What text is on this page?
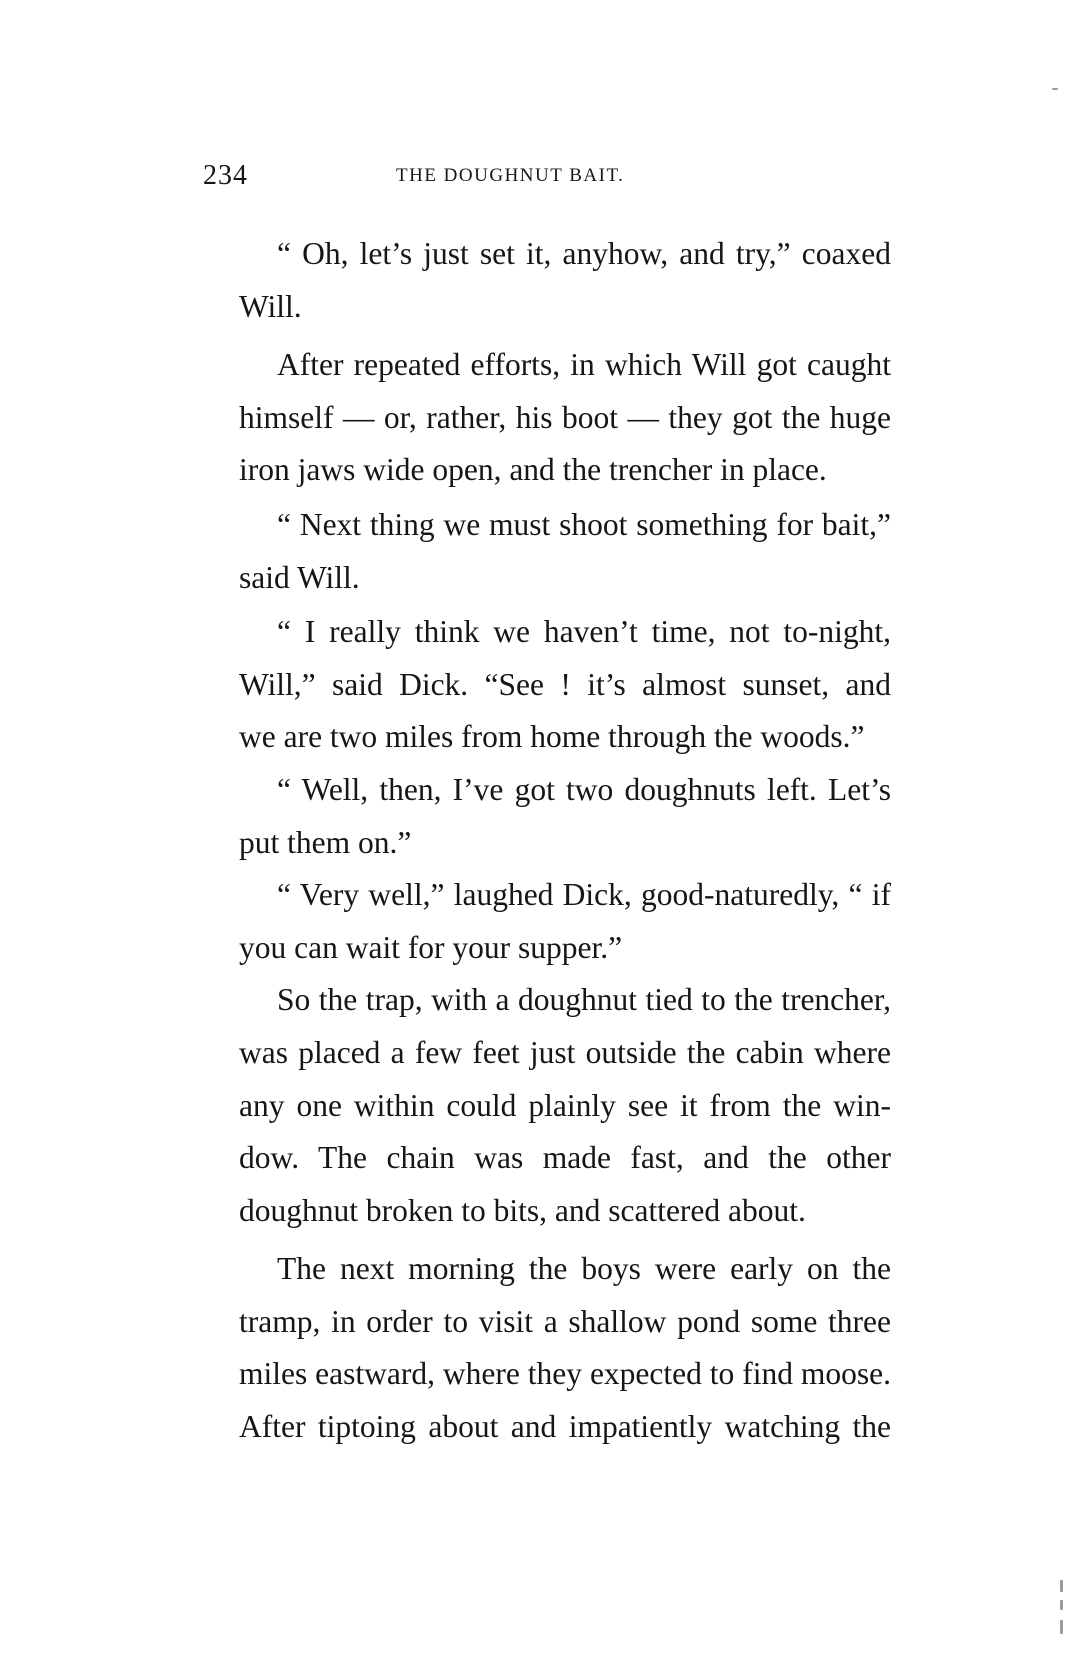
234	THE DOUGHNUT BAIT.
“ Oh, let’s just set it, anyhow, and try,” coaxed
Will.
After repeated efforts, in which Will got caught
himself — or, rather, his boot — they got the huge
iron jaws wide open, and the trencher in place.
“ Next thing we must shoot something for bait,”
said Will.
“ I really think we haven’t time, not to-night,
Will,” said Dick. “See ! it’s almost sunset, and
we are two miles from home through the woods.”
“ Well, then, I’ve got two doughnuts left. Let’s
put them on.”
“ Very well,” laughed Dick, good-naturedly, “ if
you can wait for your supper.”
So the trap, with a doughnut tied to the trencher,
was placed a few feet just outside the cabin where
any one within could plainly see it from the win-
dow. The chain was made fast, and the other
doughnut broken to bits, and scattered about.
The next morning the boys were early on the
tramp, in order to visit a shallow pond some three
miles eastward, where they expected to find moose.
After tiptoing about and impatiently watching the
